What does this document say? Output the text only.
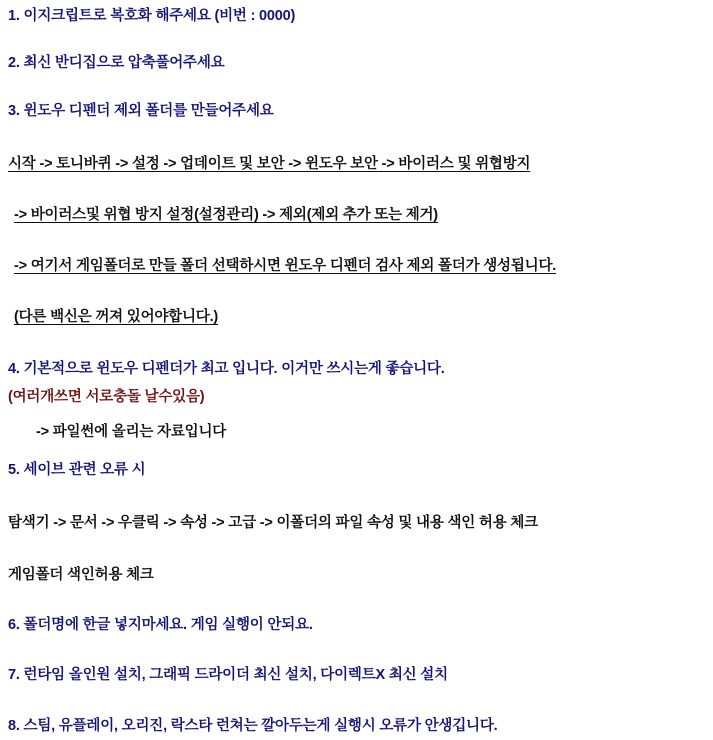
1. 이지크립트로 복호화 해주세요 (비번 : 0000)
2. 최신 반디집으로 압축풀어주세요
3. 윈도우 디펜더 제외 폴더를 만들어주세요
시작 -> 토니바퀴 -> 설정 -> 업데이트 및 보안 -> 윈도우 보안 -> 바이러스 및 위협방지
-> 바이러스및 위협 방지 설정(설정관리) -> 제외(제외 추가 또는 제거)
-> 여기서 게임폴더로 만들 폴더 선택하시면 윈도우 디펜더 검사 제외 폴더가 생성됩니다.
(다른 백신은 꺼져 있어야합니다.)
4. 기본적으로 윈도우 디펜더가 최고 입니다. 이거만 쓰시는게 좋습니다.
(여러개쓰면 서로충돌 날수있음)
-> 파일썬에 올리는 자료입니다
5. 세이브 관련 오류 시
탐색기 -> 문서 -> 우클릭 -> 속성 -> 고급 -> 이폴더의 파일 속성 및 내용 색인 허용 체크
게임폴더 색인허용 체크
6. 폴더명에 한글 넣지마세요. 게임 실행이 안되요.
7. 런타임 올인원 설치, 그래픽 드라이더 최신 설치, 다이렉트X 최신 설치
8. 스팀, 유플레이, 오리진, 락스타 런쳐는 깔아두는게 실행시 오류가 안생깁니다.
